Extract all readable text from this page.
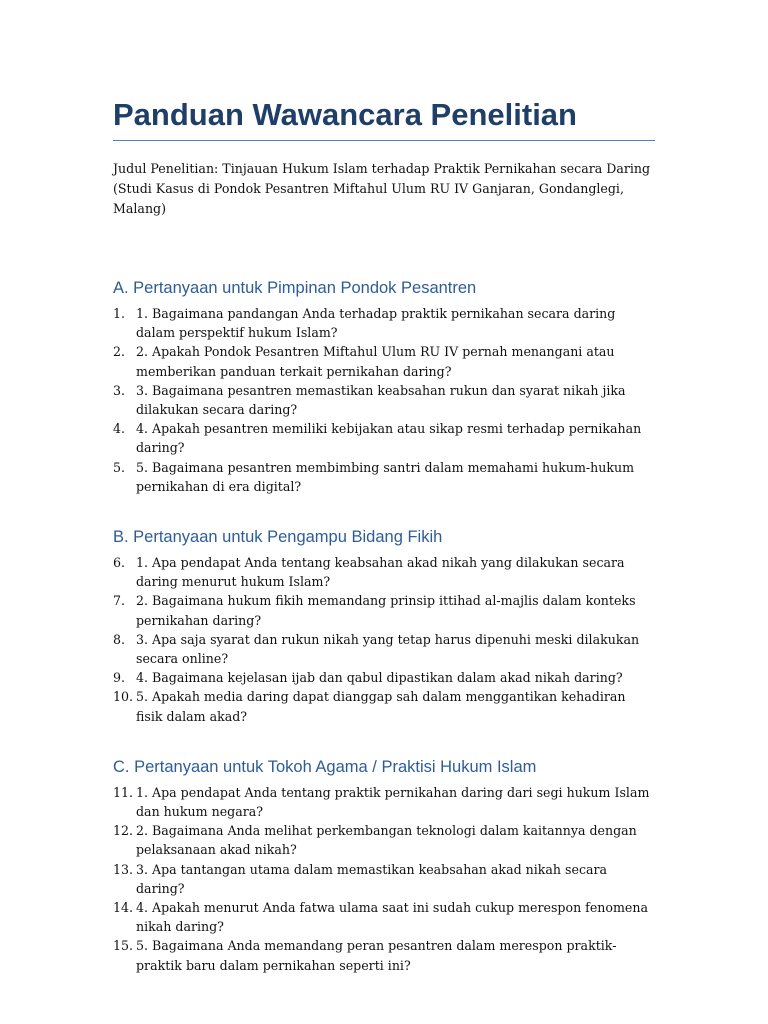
Panduan Wawancara Penelitian

Judul Penelitian: Tinjauan Hukum Islam terhadap Praktik Pernikahan secara Daring (Studi Kasus di Pondok Pesantren Miftahul Ulum RU IV Ganjaran, Gondanglegi, Malang)

A. Pertanyaan untuk Pimpinan Pondok Pesantren
1. 1. Bagaimana pandangan Anda terhadap praktik pernikahan secara daring dalam perspektif hukum Islam?
2. 2. Apakah Pondok Pesantren Miftahul Ulum RU IV pernah menangani atau memberikan panduan terkait pernikahan daring?
3. 3. Bagaimana pesantren memastikan keabsahan rukun dan syarat nikah jika dilakukan secara daring?
4. 4. Apakah pesantren memiliki kebijakan atau sikap resmi terhadap pernikahan daring?
5. 5. Bagaimana pesantren membimbing santri dalam memahami hukum-hukum pernikahan di era digital?
B. Pertanyaan untuk Pengampu Bidang Fikih
6. 1. Apa pendapat Anda tentang keabsahan akad nikah yang dilakukan secara daring menurut hukum Islam?
7. 2. Bagaimana hukum fikih memandang prinsip ittihad al-majlis dalam konteks pernikahan daring?
8. 3. Apa saja syarat dan rukun nikah yang tetap harus dipenuhi meski dilakukan secara online?
9. 4. Bagaimana kejelasan ijab dan qabul dipastikan dalam akad nikah daring?
10. 5. Apakah media daring dapat dianggap sah dalam menggantikan kehadiran fisik dalam akad?
C. Pertanyaan untuk Tokoh Agama / Praktisi Hukum Islam
11. 1. Apa pendapat Anda tentang praktik pernikahan daring dari segi hukum Islam dan hukum negara?
12. 2. Bagaimana Anda melihat perkembangan teknologi dalam kaitannya dengan pelaksanaan akad nikah?
13. 3. Apa tantangan utama dalam memastikan keabsahan akad nikah secara daring?
14. 4. Apakah menurut Anda fatwa ulama saat ini sudah cukup merespon fenomena nikah daring?
15. 5. Bagaimana Anda memandang peran pesantren dalam merespon praktik-praktik baru dalam pernikahan seperti ini?
